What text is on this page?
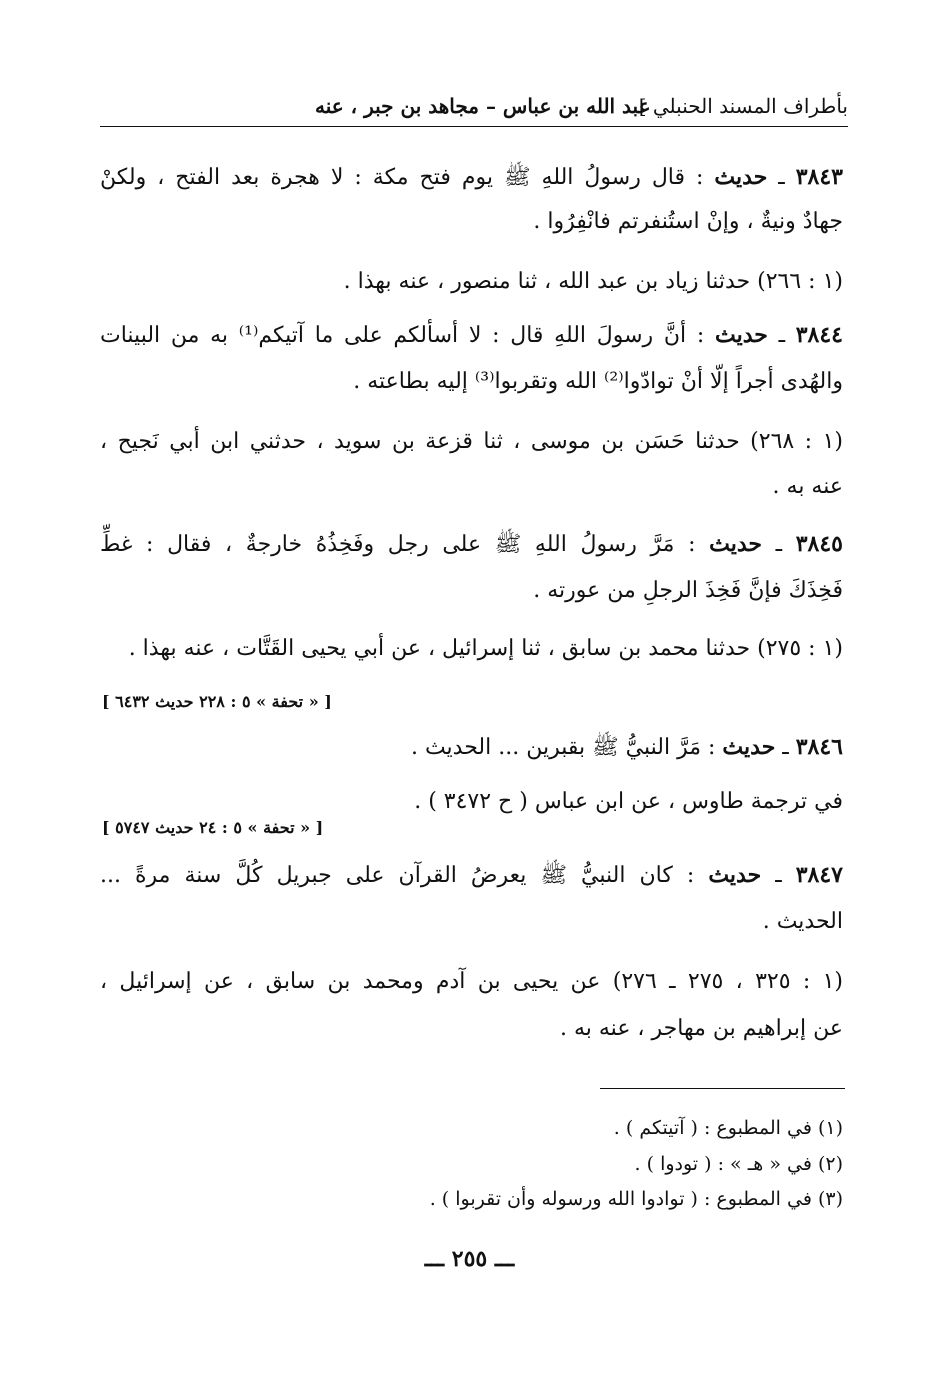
بأطراف المسند الحنبلي ]
عبد الله بن عباس – مجاهد بن جبر ، عنه
٣٨٤٣ ـ حديث : قال رسولُ اللهِ ﷺ يوم فتح مكة : لا هجرة بعد الفتح ، ولكنْ
جهادٌ ونيةٌ ، وإنْ استُنفرتم فانْفِرُوا .
(١ : ٢٦٦) حدثنا زياد بن عبد الله ، ثنا منصور ، عنه بهذا .
٣٨٤٤ ـ حديث : أنَّ رسولَ اللهِ قال : لا أسألكم على ما آتيكم⁽¹⁾ به من البينات
والهُدى أجراً إلّا أنْ توادّوا⁽²⁾ الله وتقربوا⁽³⁾ إليه بطاعته .
(١ : ٢٦٨) حدثنا حَسَن بن موسى ، ثنا قزعة بن سويد ، حدثني ابن أبي نَجيح ،
عنه به .
٣٨٤٥ ـ حديث : مَرَّ رسولُ اللهِ ﷺ على رجل وفَخِذُهُ خارجةٌ ، فقال : غطِّ
فَخِذَكَ فإنَّ فَخِذَ الرجلِ من عورته .
(١ : ٢٧٥) حدثنا محمد بن سابق ، ثنا إسرائيل ، عن أبي يحيى القَتَّات ، عنه بهذا .
[ « تحفة » ٥ : ٢٢٨ حديث ٦٤٣٢ ]
٣٨٤٦ ـ حديث : مَرَّ النبيُّ ﷺ بقبرين ... الحديث .
في ترجمة طاوس ، عن ابن عباس ( ح ٣٤٧٢ ) .
[ « تحفة » ٥ : ٢٤ حديث ٥٧٤٧ ]
٣٨٤٧ ـ حديث : كان النبيُّ ﷺ يعرضُ القرآن على جبريل كُلَّ سنة مرةً ...
الحديث .
(١ : ٣٢٥ ، ٢٧٥ ـ ٢٧٦) عن يحيى بن آدم ومحمد بن سابق ، عن إسرائيل ،
عن إبراهيم بن مهاجر ، عنه به .
(١) في المطبوع : ( آتيتكم ) .
(٢) في « هـ » : ( تودوا ) .
(٣) في المطبوع : ( توادوا الله ورسوله وأن تقربوا ) .
ـــ ٢٥٥ ـــ
